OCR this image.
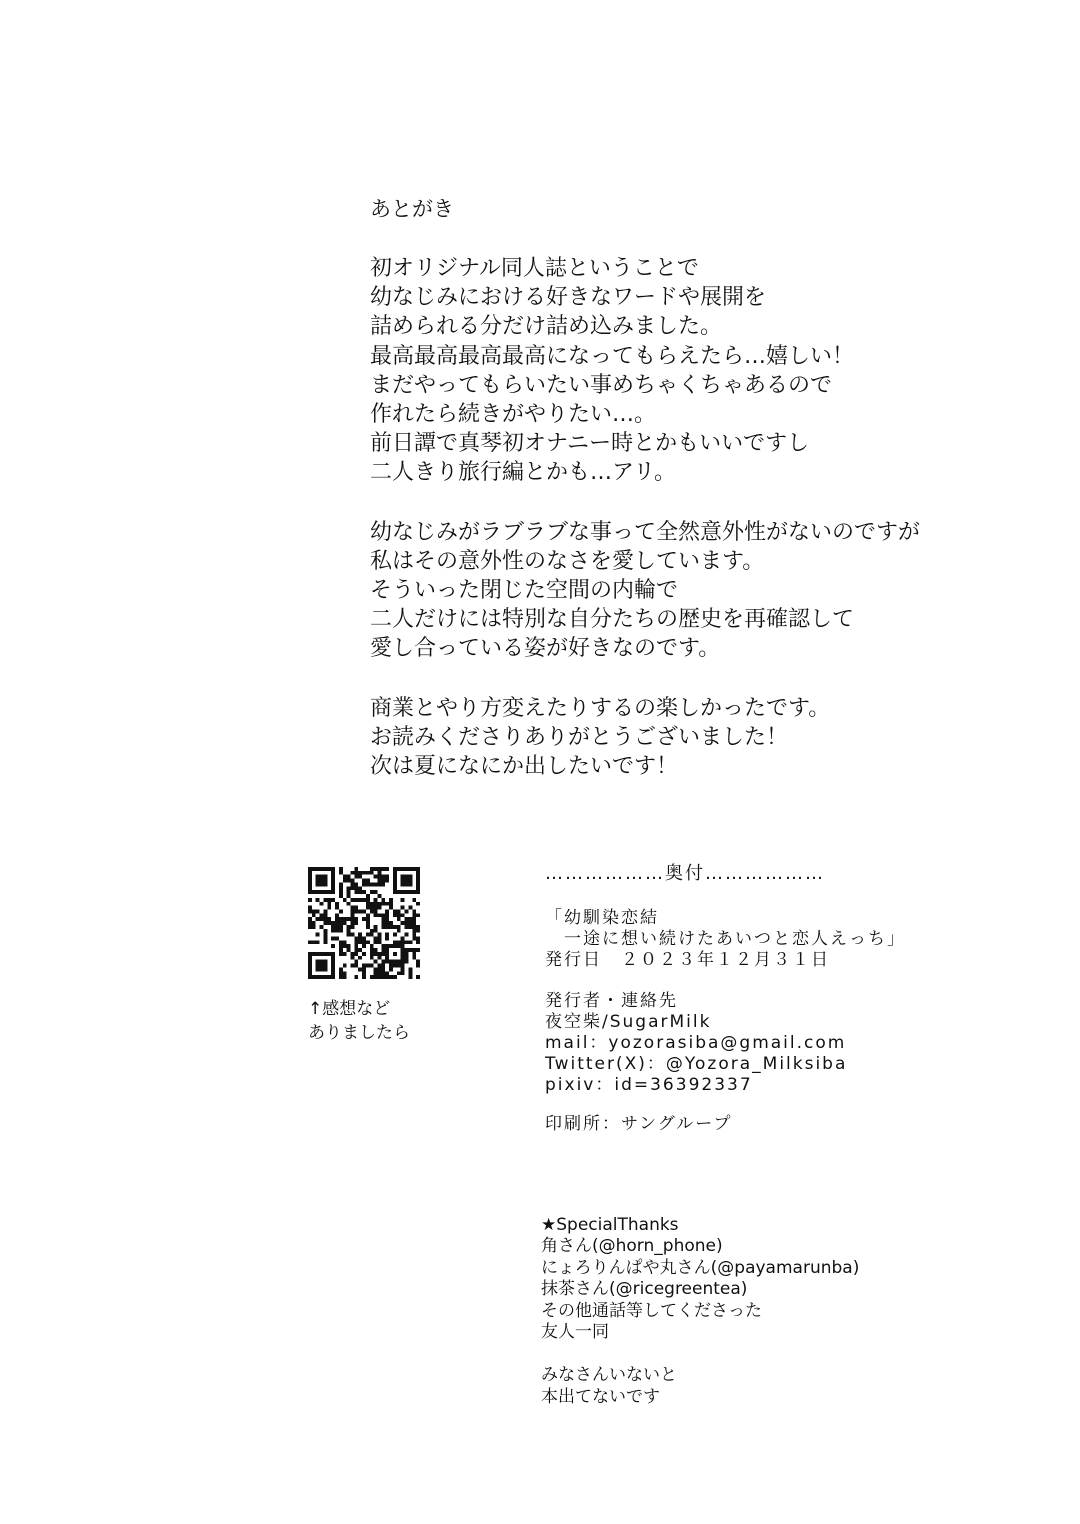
あとがき
初オリジナル同人誌ということで
幼なじみにおける好きなワードや展開を
詰められる分だけ詰め込みました。
最高最高最高最高になってもらえたら…嬉しい！
まだやってもらいたい事めちゃくちゃあるので
作れたら続きがやりたい…。
前日譚で真琴初オナニー時とかもいいですし
二人きり旅行編とかも…アリ。
幼なじみがラブラブな事って全然意外性がないのですが
私はその意外性のなさを愛しています。
そういった閉じた空間の内輪で
二人だけには特別な自分たちの歴史を再確認して
愛し合っている姿が好きなのです。
商業とやり方変えたりするの楽しかったです。
お読みくださりありがとうございました！
次は夏になにか出したいです！
↑感想など
ありましたら
………………奥付………………
「幼馴染恋結
　一途に想い続けたあいつと恋人えっち」
発行日　２０２３年１２月３１日
発行者・連絡先
夜空柴/SugarMilk
mail：yozorasiba@gmail.com
Twitter(X)：@Yozora_Milksiba
pixiv：id=36392337
印刷所：サングループ
★SpecialThanks
角さん(@horn_phone)
にょろりんぱや丸さん(@payamarunba)
抹茶さん(@ricegreentea)
その他通話等してくださった
友人一同
みなさんいないと
本出てないです
